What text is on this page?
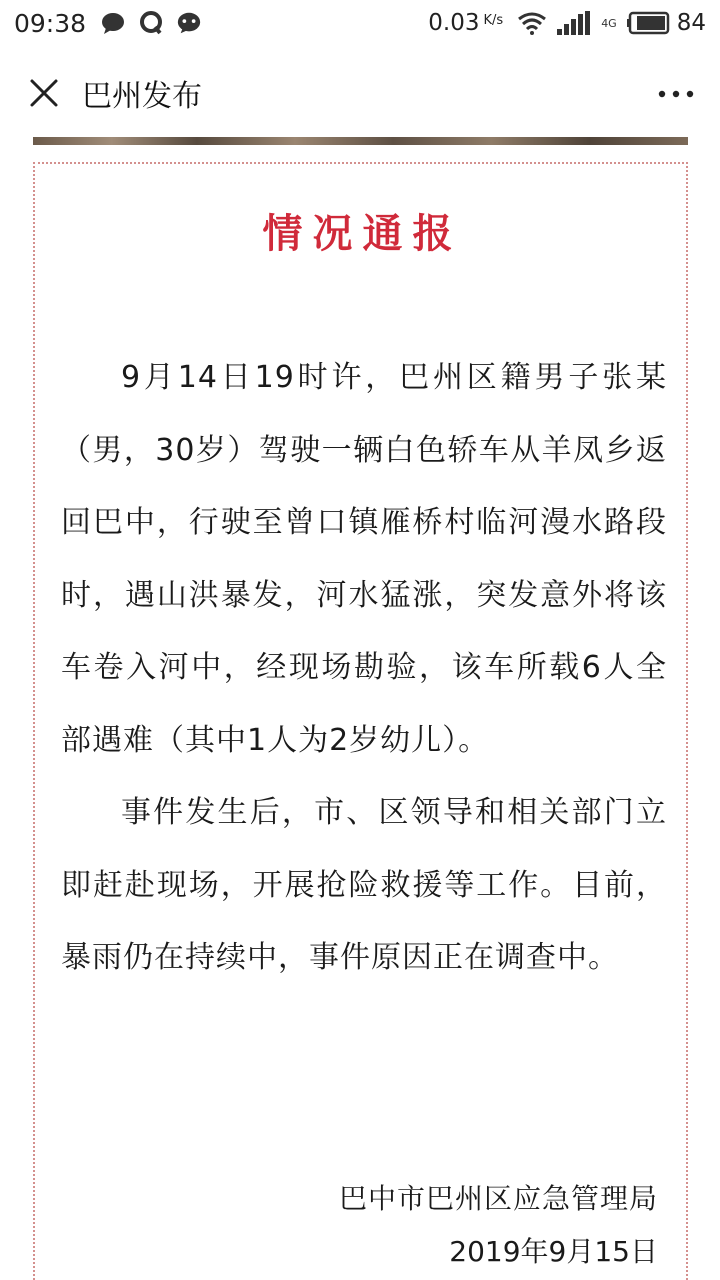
09:38	0.03 K/s	4G	84
巴州发布
情况通报

9月14日19时许，巴州区籍男子张某（男，30岁）驾驶一辆白色轿车从羊凤乡返回巴中，行驶至曾口镇雁桥村临河漫水路段时，遇山洪暴发，河水猛涨，突发意外将该车卷入河中，经现场勘验，该车所载6人全部遇难（其中1人为2岁幼儿）。

事件发生后，市、区领导和相关部门立即赶赴现场，开展抢险救援等工作。目前，暴雨仍在持续中，事件原因正在调查中。

巴中市巴州区应急管理局
2019年9月15日
